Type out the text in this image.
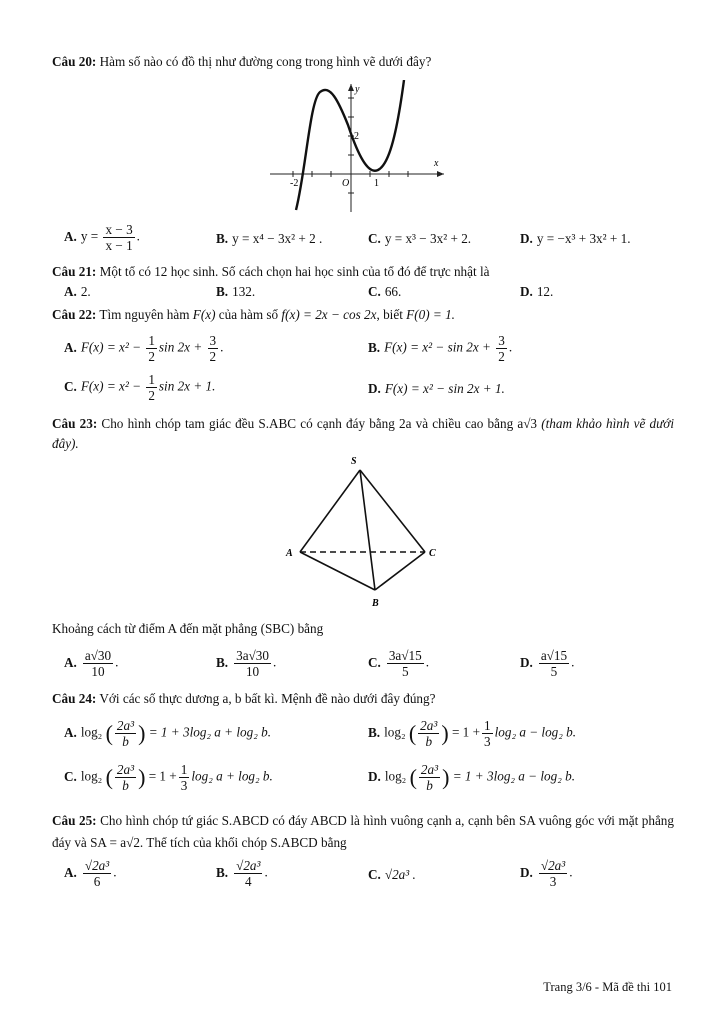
Câu 20: Hàm số nào có đồ thị như đường cong trong hình vẽ dưới đây?
y
x
O
-2	1
2
A. $y = \frac{x - 3}{x - 1}$ .	B. y = x⁴ − 3x² + 2 .	C. y = x³ − 3x² + 2.	D. y = −x³ + 3x² + 1.
Câu 21: Một tổ có 12 học sinh. Số cách chọn hai học sinh của tổ đó để trực nhật là
A. 2.	B. 132.	C. 66.	D. 12.
Câu 22: Tìm nguyên hàm F(x) của hàm số f(x) = 2x − cos 2x, biết F(0) = 1.
A. $F(x) = x^2 - \frac{1}{2}$ $\sin 2x + \frac{3}{2}$ .	B. $F(x) = x^2 - \sin 2x + \frac{3}{2}$ .
C. $F(x) = x^2 - \frac{1}{2}$ sin 2x + 1.	D. F(x) = x² − sin 2x + 1.
Câu 23: Cho hình chóp tam giác đều S.ABC có cạnh đáy bằng 2a và chiều cao bằng a√3 (tham khảo hình vẽ dưới đây).
S
A
B
C
Khoảng cách từ điểm A đến mặt phẳng (SBC) bằng
A. $\frac{a√30}{10}$ .	B. $\frac{3a√30}{10}$ .	C. $\frac{3a√15}{5}$ .	D. $\frac{a√15}{5}$ .
Câu 24: Với các số thực dương a, b bất kì. Mệnh đề nào dưới đây đúng?
A. log₂ ( $\frac{\text{2a³}}{b}$ ) = 1 + 3log₂ a + log₂ b.	B. log₂ ( $\frac{\text{2a³}}{b}$ ) = $1 + \frac{1}{3} \log_2$ a − log₂ b.
C. log₂ ( $\frac{\text{2a³}}{b}$ ) = $1 + \frac{1}{3} \log_2$ a + log₂ b.	D. log₂ ( $\frac{\text{2a³}}{b}$ ) = 1 + 3log₂ a − log₂ b.
Câu 25: Cho hình chóp tứ giác S.ABCD có đáy ABCD là hình vuông cạnh a, cạnh bên SA vuông góc với mặt phẳng đáy và SA = a√2. Thể tích của khối chóp S.ABCD bằng
A. $\frac{\text{√2a³}}{6}$ .	B. $\frac{\text{√2a³}}{4}$ .	C. √2a³ .	D. $\frac{\text{√2a³}}{3}$ .
Trang 3/6 - Mã đề thi 101
